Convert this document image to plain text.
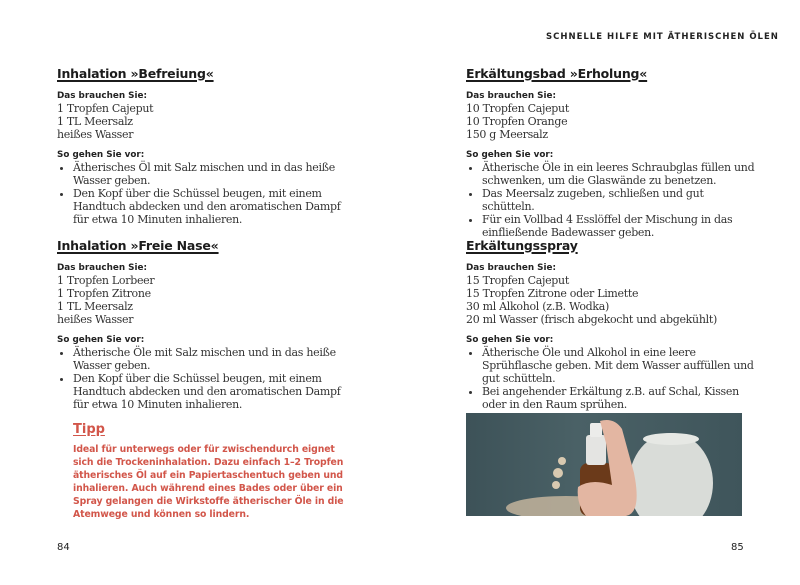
SCHNELLE HILFE MIT ÄTHERISCHEN ÖLEN
Inhalation »Befreiung«
Das brauchen Sie:
1 Tropfen Cajeput
1 TL Meersalz
heißes Wasser
So gehen Sie vor:
• Ätherisches Öl mit Salz mischen und in das heiße Wasser geben.
• Den Kopf über die Schüssel beugen, mit einem Handtuch abdecken und den aromatischen Dampf für etwa 10 Minuten inhalieren.
Inhalation »Freie Nase«
Das brauchen Sie:
1 Tropfen Lorbeer
1 Tropfen Zitrone
1 TL Meersalz
heißes Wasser
So gehen Sie vor:
• Ätherische Öle mit Salz mischen und in das heiße Wasser geben.
• Den Kopf über die Schüssel beugen, mit einem Handtuch abdecken und den aromatischen Dampf für etwa 10 Minuten inhalieren.
Tipp
Ideal für unterwegs oder für zwischendurch eignet sich die Trockeninhalation. Dazu einfach 1–2 Tropfen ätherisches Öl auf ein Papiertaschentuch geben und inhalieren. Auch während eines Bades oder über ein Spray gelangen die Wirkstoffe ätherischer Öle in die Atemwege und können so lindern.
84
Erkältungsbad »Erholung«
Das brauchen Sie:
10 Tropfen Cajeput
10 Tropfen Orange
150 g Meersalz
So gehen Sie vor:
• Ätherische Öle in ein leeres Schraubglas füllen und schwenken, um die Glaswände zu benetzen.
• Das Meersalz zugeben, schließen und gut schütteln.
• Für ein Vollbad 4 Esslöffel der Mischung in das einfließende Badewasser geben.
Erkältungsspray
Das brauchen Sie:
15 Tropfen Cajeput
15 Tropfen Zitrone oder Limette
30 ml Alkohol (z.B. Wodka)
20 ml Wasser (frisch abgekocht und abgekühlt)
So gehen Sie vor:
• Ätherische Öle und Alkohol in eine leere Sprühflasche geben. Mit dem Wasser auffüllen und gut schütteln.
• Bei angehender Erkältung z.B. auf Schal, Kissen oder in den Raum sprühen.
85
